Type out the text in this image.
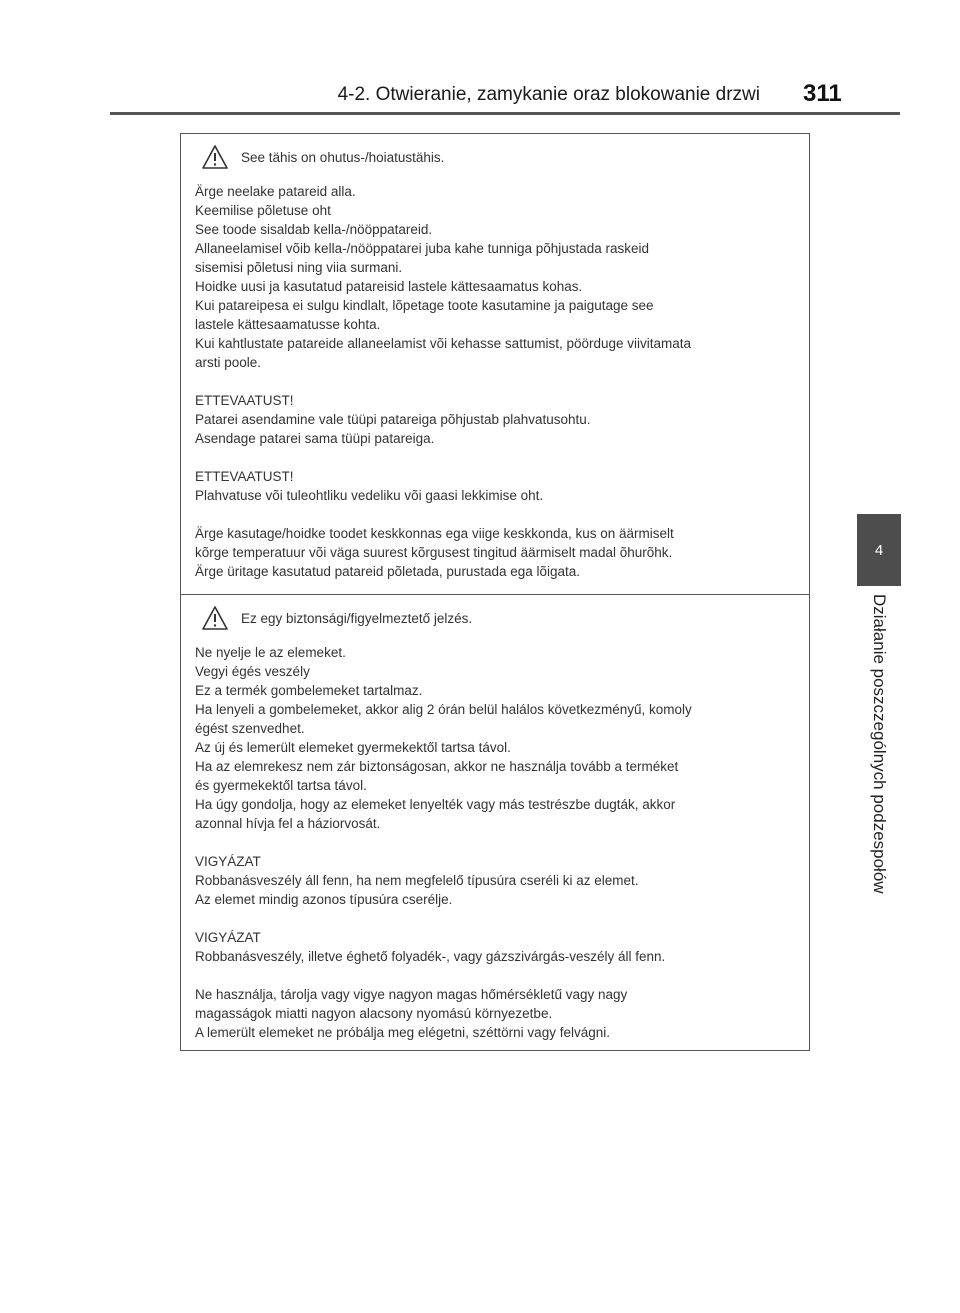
4-2. Otwieranie, zamykanie oraz blokowanie drzwi 311
4
Działanie poszczególnych podzespołów
See tähis on ohutus-/hoiatustähis.
Ärge neelake patareid alla.
Keemilise põletuse oht
See toode sisaldab kella-/nööppatareid.
Allaneelamisel võib kella-/nööppatarei juba kahe tunniga põhjustada raskeid
sisemisi põletusi ning viia surmani.
Hoidke uusi ja kasutatud patareisid lastele kättesaamatus kohas.
Kui patareipesa ei sulgu kindlalt, lõpetage toote kasutamine ja paigutage see
lastele kättesaamatusse kohta.
Kui kahtlustate patareide allaneelamist või kehasse sattumist, pöörduge viivitamata
arsti poole.
ETTEVAATUST!
Patarei asendamine vale tüüpi patareiga põhjustab plahvatusohtu.
Asendage patarei sama tüüpi patareiga.
ETTEVAATUST!
Plahvatuse või tuleohtliku vedeliku või gaasi lekkimise oht.
Ärge kasutage/hoidke toodet keskkonnas ega viige keskkonda, kus on äärmiselt
kõrge temperatuur või väga suurest kõrgusest tingitud äärmiselt madal õhurõhk.
Ärge üritage kasutatud patareid põletada, purustada ega lõigata.
Ez egy biztonsági/figyelmeztető jelzés.
Ne nyelje le az elemeket.
Vegyi égés veszély
Ez a termék gombelemeket tartalmaz.
Ha lenyeli a gombelemeket, akkor alig 2 órán belül halálos következményű, komoly
égést szenvedhet.
Az új és lemerült elemeket gyermekektől tartsa távol.
Ha az elemrekesz nem zár biztonságosan, akkor ne használja tovább a terméket
és gyermekektől tartsa távol.
Ha úgy gondolja, hogy az elemeket lenyelték vagy más testrészbe dugták, akkor
azonnal hívja fel a háziorvosát.
VIGYÁZAT
Robbanásveszély áll fenn, ha nem megfelelő típusúra cseréli ki az elemet.
Az elemet mindig azonos típusúra cserélje.
VIGYÁZAT
Robbanásveszély, illetve éghető folyadék-, vagy gázszivárgás-veszély áll fenn.
Ne használja, tárolja vagy vigye nagyon magas hőmérsékletű vagy nagy
magasságok miatti nagyon alacsony nyomású környezetbe.
A lemerült elemeket ne próbálja meg elégetni, széttörni vagy felvágni.
